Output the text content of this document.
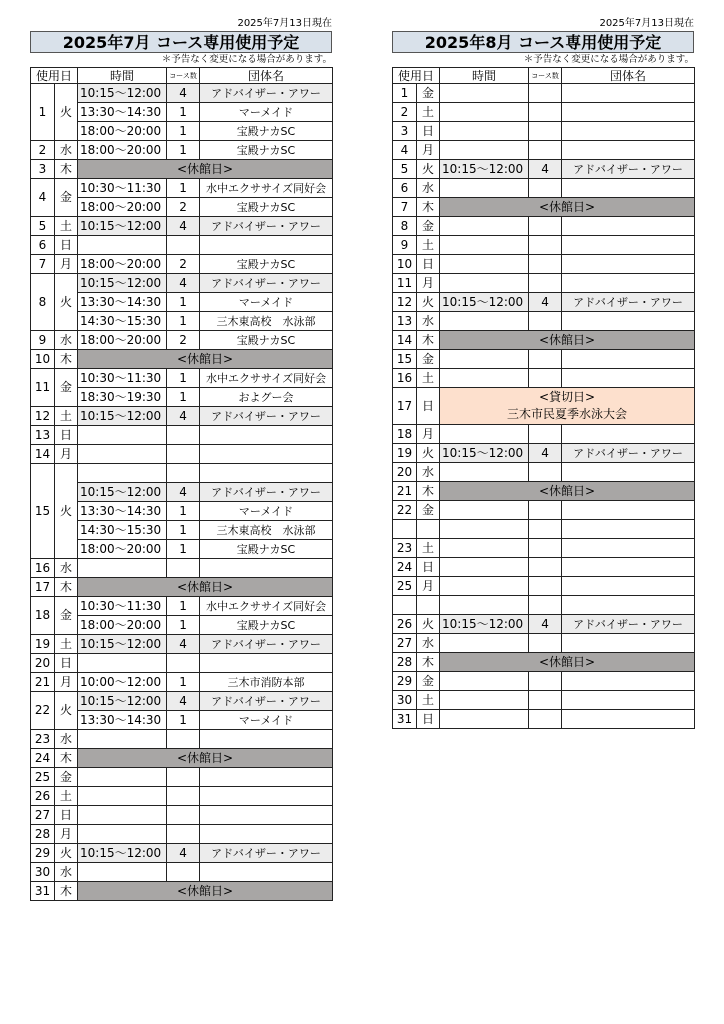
2025年7月13日現在
2025年7月 コース専用使用予定
＊予告なく変更になる場合があります。
使用日		時間	コース数	団体名
1	火	10:15～12:00	4	アドバイザー・アワー
		13:30～14:30	1	マーメイド
		18:00～20:00	1	宝殿ナカSC
2	水	18:00～20:00	1	宝殿ナカSC
3	木	<休館日>		
4	金	10:30～11:30	1	水中エクササイズ同好会
		18:00～20:00	2	宝殿ナカSC
5	土	10:15～12:00	4	アドバイザー・アワー
6	日			
7	月	18:00～20:00	2	宝殿ナカSC
8	火	10:15～12:00	4	アドバイザー・アワー
		13:30～14:30	1	マーメイド
		14:30～15:30	1	三木東高校　水泳部
9	水	18:00～20:00	2	宝殿ナカSC
10	木	<休館日>		
11	金	10:30～11:30	1	水中エクササイズ同好会
		18:30～19:30	1	およグー会
12	土	10:15～12:00	4	アドバイザー・アワー
13	日			
14	月			
15	火			
		10:15～12:00	4	アドバイザー・アワー
		13:30～14:30	1	マーメイド
		14:30～15:30	1	三木東高校　水泳部
		18:00～20:00	1	宝殿ナカSC
16	水			
17	木	<休館日>		
18	金	10:30～11:30	1	水中エクササイズ同好会
		18:00～20:00	1	宝殿ナカSC
19	土	10:15～12:00	4	アドバイザー・アワー
20	日			
21	月	10:00～12:00	1	三木市消防本部
22	火	10:15～12:00	4	アドバイザー・アワー
		13:30～14:30	1	マーメイド
23	水			
24	木	<休館日>		
25	金			
26	土			
27	日			
28	月			
29	火	10:15～12:00	4	アドバイザー・アワー
30	水			
31	木	<休館日>		
2025年7月13日現在
2025年8月 コース専用使用予定
＊予告なく変更になる場合があります。
使用日		時間	コース数	団体名
1	金			
2	土			
3	日			
4	月			
5	火	10:15～12:00	4	アドバイザー・アワー
6	水			
7	木	<休館日>		
8	金			
9	土			
10	日			
11	月			
12	火	10:15～12:00	4	アドバイザー・アワー
13	水			
14	木	<休館日>		
15	金			
16	土			
17	日	<貸切日>
三木市民夏季水泳大会		

18	月			
19	火	10:15～12:00	4	アドバイザー・アワー
20	水			
21	木	<休館日>		
22	金			

23	土			
24	日			
25	月			

26	火	10:15～12:00	4	アドバイザー・アワー
27	水			
28	木	<休館日>		
29	金			
30	土			
31	日			
